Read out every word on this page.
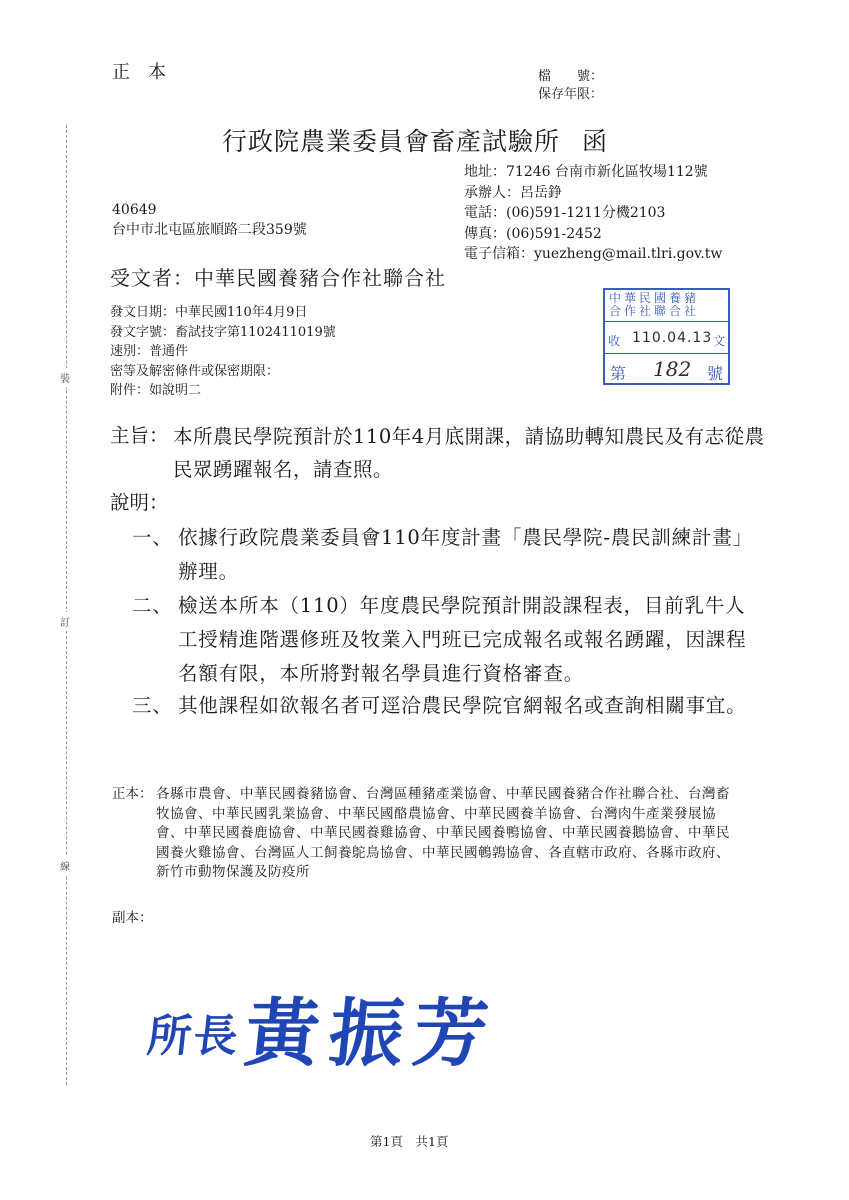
裝
訂
線
正本	檔　　號：
保存年限：
行政院農業委員會畜產試驗所 函
地址：71246 台南市新化區牧場112號
承辦人：呂岳錚
電話：(06)591-1211分機2103
傳真：(06)591-2452
電子信箱：yuezheng@mail.tlri.gov.tw
40649
台中市北屯區旅順路二段359號
受文者：中華民國養豬合作社聯合社
發文日期：中華民國110年4月9日
發文字號：畜試技字第1102411019號
速別：普通件
密等及解密條件或保密期限：
附件：如說明二
中華民國養豬
合作社聯合社
收 110.04.13 文
第 182 號
主旨： 本所農民學院預計於110年4月底開課，請協助轉知農民及有志從農民眾踴躍報名，請查照。
說明：
一、 依據行政院農業委員會110年度計畫「農民學院-農民訓練計畫」辦理。
二、 檢送本所本（110）年度農民學院預計開設課程表，目前乳牛人工授精進階選修班及牧業入門班已完成報名或報名踴躍，因課程名額有限，本所將對報名學員進行資格審查。
三、 其他課程如欲報名者可逕洽農民學院官網報名或查詢相關事宜。
正本： 各縣市農會、中華民國養豬協會、台灣區種豬產業協會、中華民國養豬合作社聯合社、台灣畜牧協會、中華民國乳業協會、中華民國酪農協會、中華民國養羊協會、台灣肉牛產業發展協會、中華民國養鹿協會、中華民國養雞協會、中華民國養鴨協會、中華民國養鵝協會、中華民國養火雞協會、台灣區人工飼養鴕鳥協會、中華民國鵪鶉協會、各直轄市政府、各縣市政府、新竹市動物保護及防疫所
副本：
所長黃振芳
第1頁　共1頁
